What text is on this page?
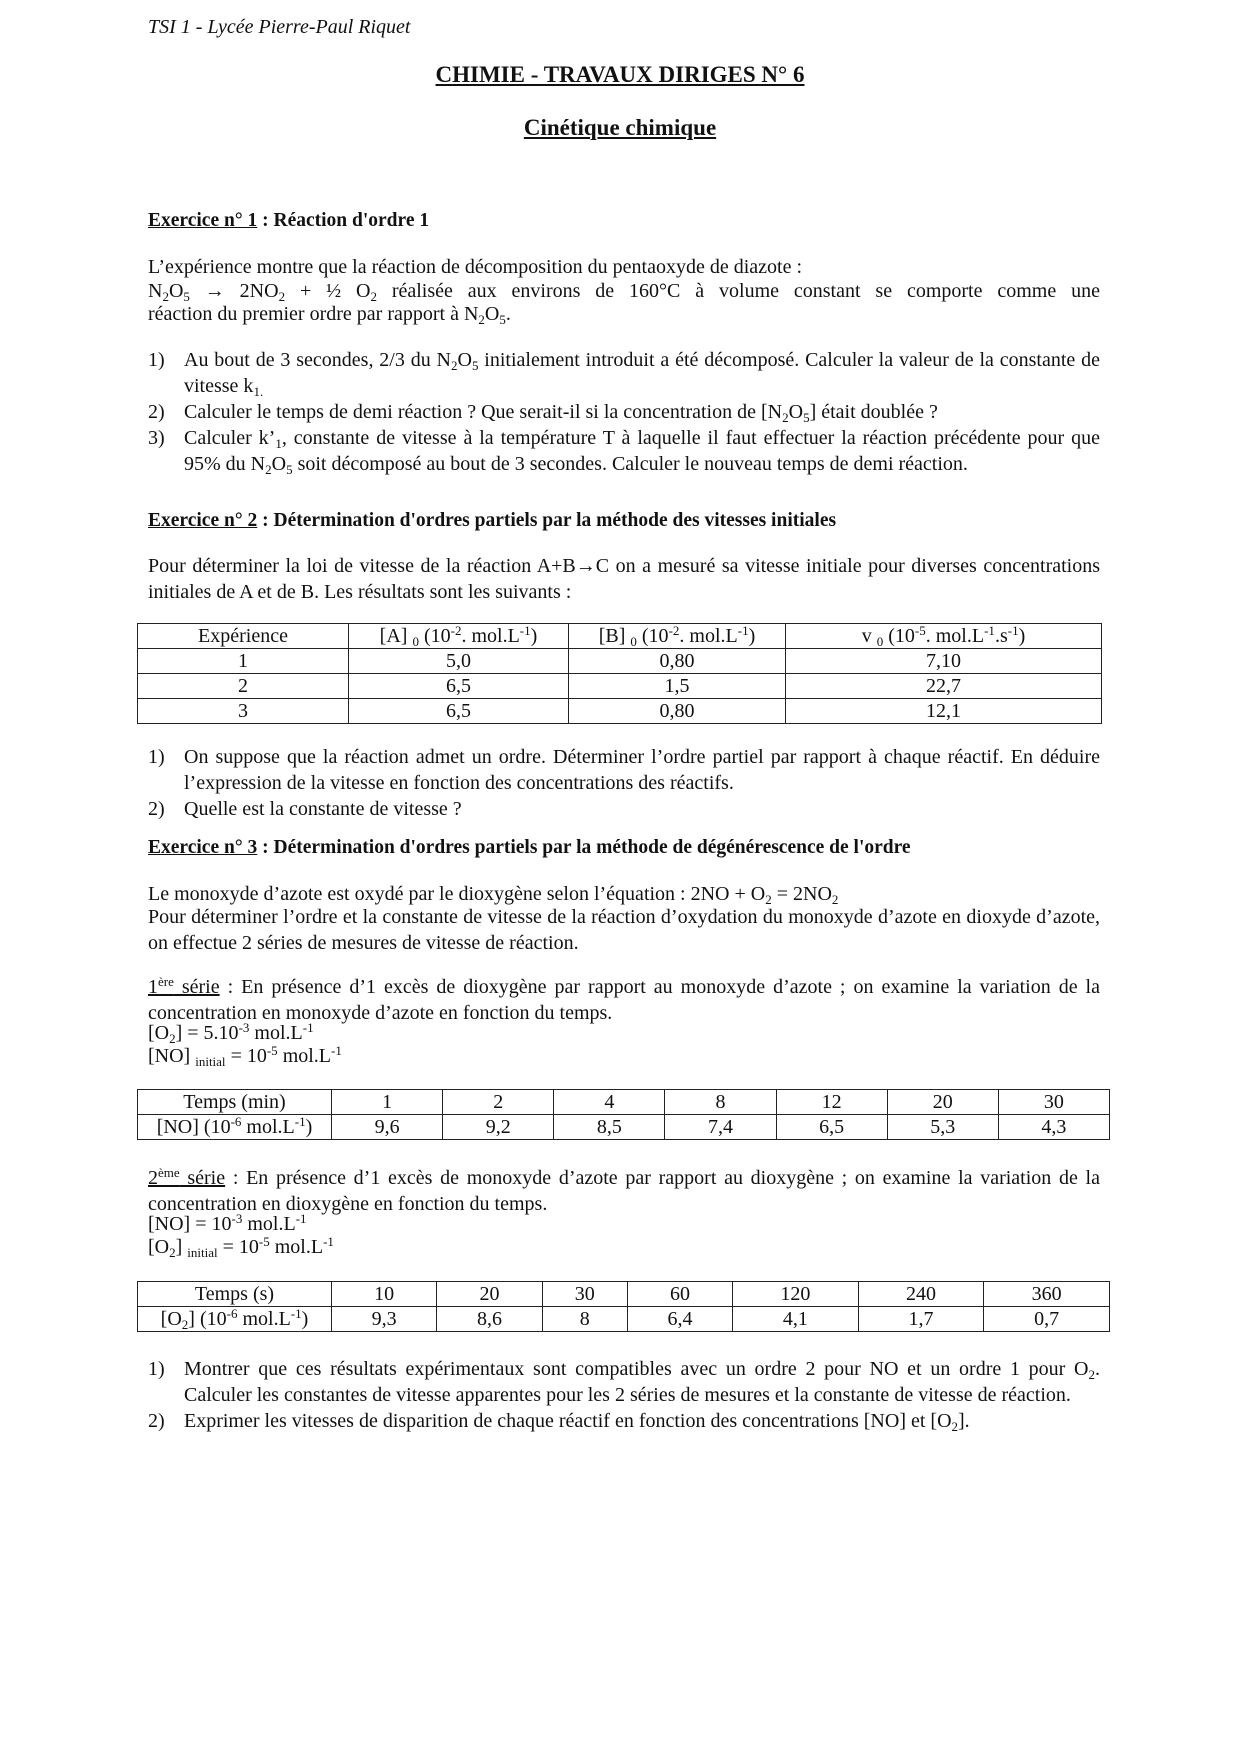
TSI 1 - Lycée Pierre-Paul Riquet
CHIMIE - TRAVAUX DIRIGES N° 6
Cinétique chimique
Exercice n° 1 : Réaction d'ordre 1
L’expérience montre que la réaction de décomposition du pentaoxyde de diazote :
$N_2O_5 \to 2NO_2$ + ½ $O_2$ réalisée aux environs de 160°C à volume constant se comporte comme une
réaction du premier ordre par rapport à $N_2O_5$.
1) Au bout de 3 secondes, 2/3 du $N_2O_5$ initialement introduit a été décomposé. Calculer la valeur de la constante de vitesse $k_{1.}$
2) Calculer le temps de demi réaction ? Que serait-il si la concentration de $[N_2O_5]$ était doublée ?
3) Calculer $k’_1$, constante de vitesse à la température T à laquelle il faut effectuer la réaction précédente pour que 95% du $N_2O_5$ soit décomposé au bout de 3 secondes. Calculer le nouveau temps de demi réaction.
Exercice n° 2 : Détermination d'ordres partiels par la méthode des vitesses initiales
Pour déterminer la loi de vitesse de la réaction A+B→C on a mesuré sa vitesse initiale pour diverses concentrations initiales de A et de B. Les résultats sont les suivants :
Expérience	[A] $_0$ ($10^{-2}$. $mol.L^{-1}$)	[B] $_0$ ($10^{-2}$. $mol.L^{-1}$)	v $_0$ ($10^{-5}$. $mol.L^{-1}.s^{-1}$)
1	5,0	0,80	7,10
2	6,5	1,5	22,7
3	6,5	0,80	12,1
1) On suppose que la réaction admet un ordre. Déterminer l’ordre partiel par rapport à chaque réactif. En déduire l’expression de la vitesse en fonction des concentrations des réactifs.
2) Quelle est la constante de vitesse ?
Exercice n° 3 : Détermination d'ordres partiels par la méthode de dégénérescence de l'ordre
Le monoxyde d’azote est oxydé par le dioxygène selon l’équation : $2NO + O_2 = 2NO_2$
Pour déterminer l’ordre et la constante de vitesse de la réaction d’oxydation du monoxyde d’azote en dioxyde d’azote, on effectue 2 séries de mesures de vitesse de réaction.
1ère série : En présence d’1 excès de dioxygène par rapport au monoxyde d’azote ; on examine la variation de la concentration en monoxyde d’azote en fonction du temps.
$[O_2] = 5.10^{-3}$ $mol.L^{-1}$
[NO] $_{initial} = 10^{-5}$ $mol.L^{-1}$
Temps (min)	1	2	4	8	12	20	30
[NO] ($10^{-6}$ $mol.L^{-1}$)	9,6	9,2	8,5	7,4	6,5	5,3	4,3
2ème série : En présence d’1 excès de monoxyde d’azote par rapport au dioxygène ; on examine la variation de la concentration en dioxygène en fonction du temps.
$[NO] = 10^{-3}$ $mol.L^{-1}$
$[O_2] _{initial} = 10^{-5}$ $mol.L^{-1}$
Temps (s)	10	20	30	60	120	240	360
$[O_2]$ ($10^{-6}$ $mol.L^{-1}$)	9,3	8,6	8	6,4	4,1	1,7	0,7
1) Montrer que ces résultats expérimentaux sont compatibles avec un ordre 2 pour NO et un ordre 1 pour $O_2$. Calculer les constantes de vitesse apparentes pour les 2 séries de mesures et la constante de vitesse de réaction.
2) Exprimer les vitesses de disparition de chaque réactif en fonction des concentrations [NO] et $[O_2]$.
